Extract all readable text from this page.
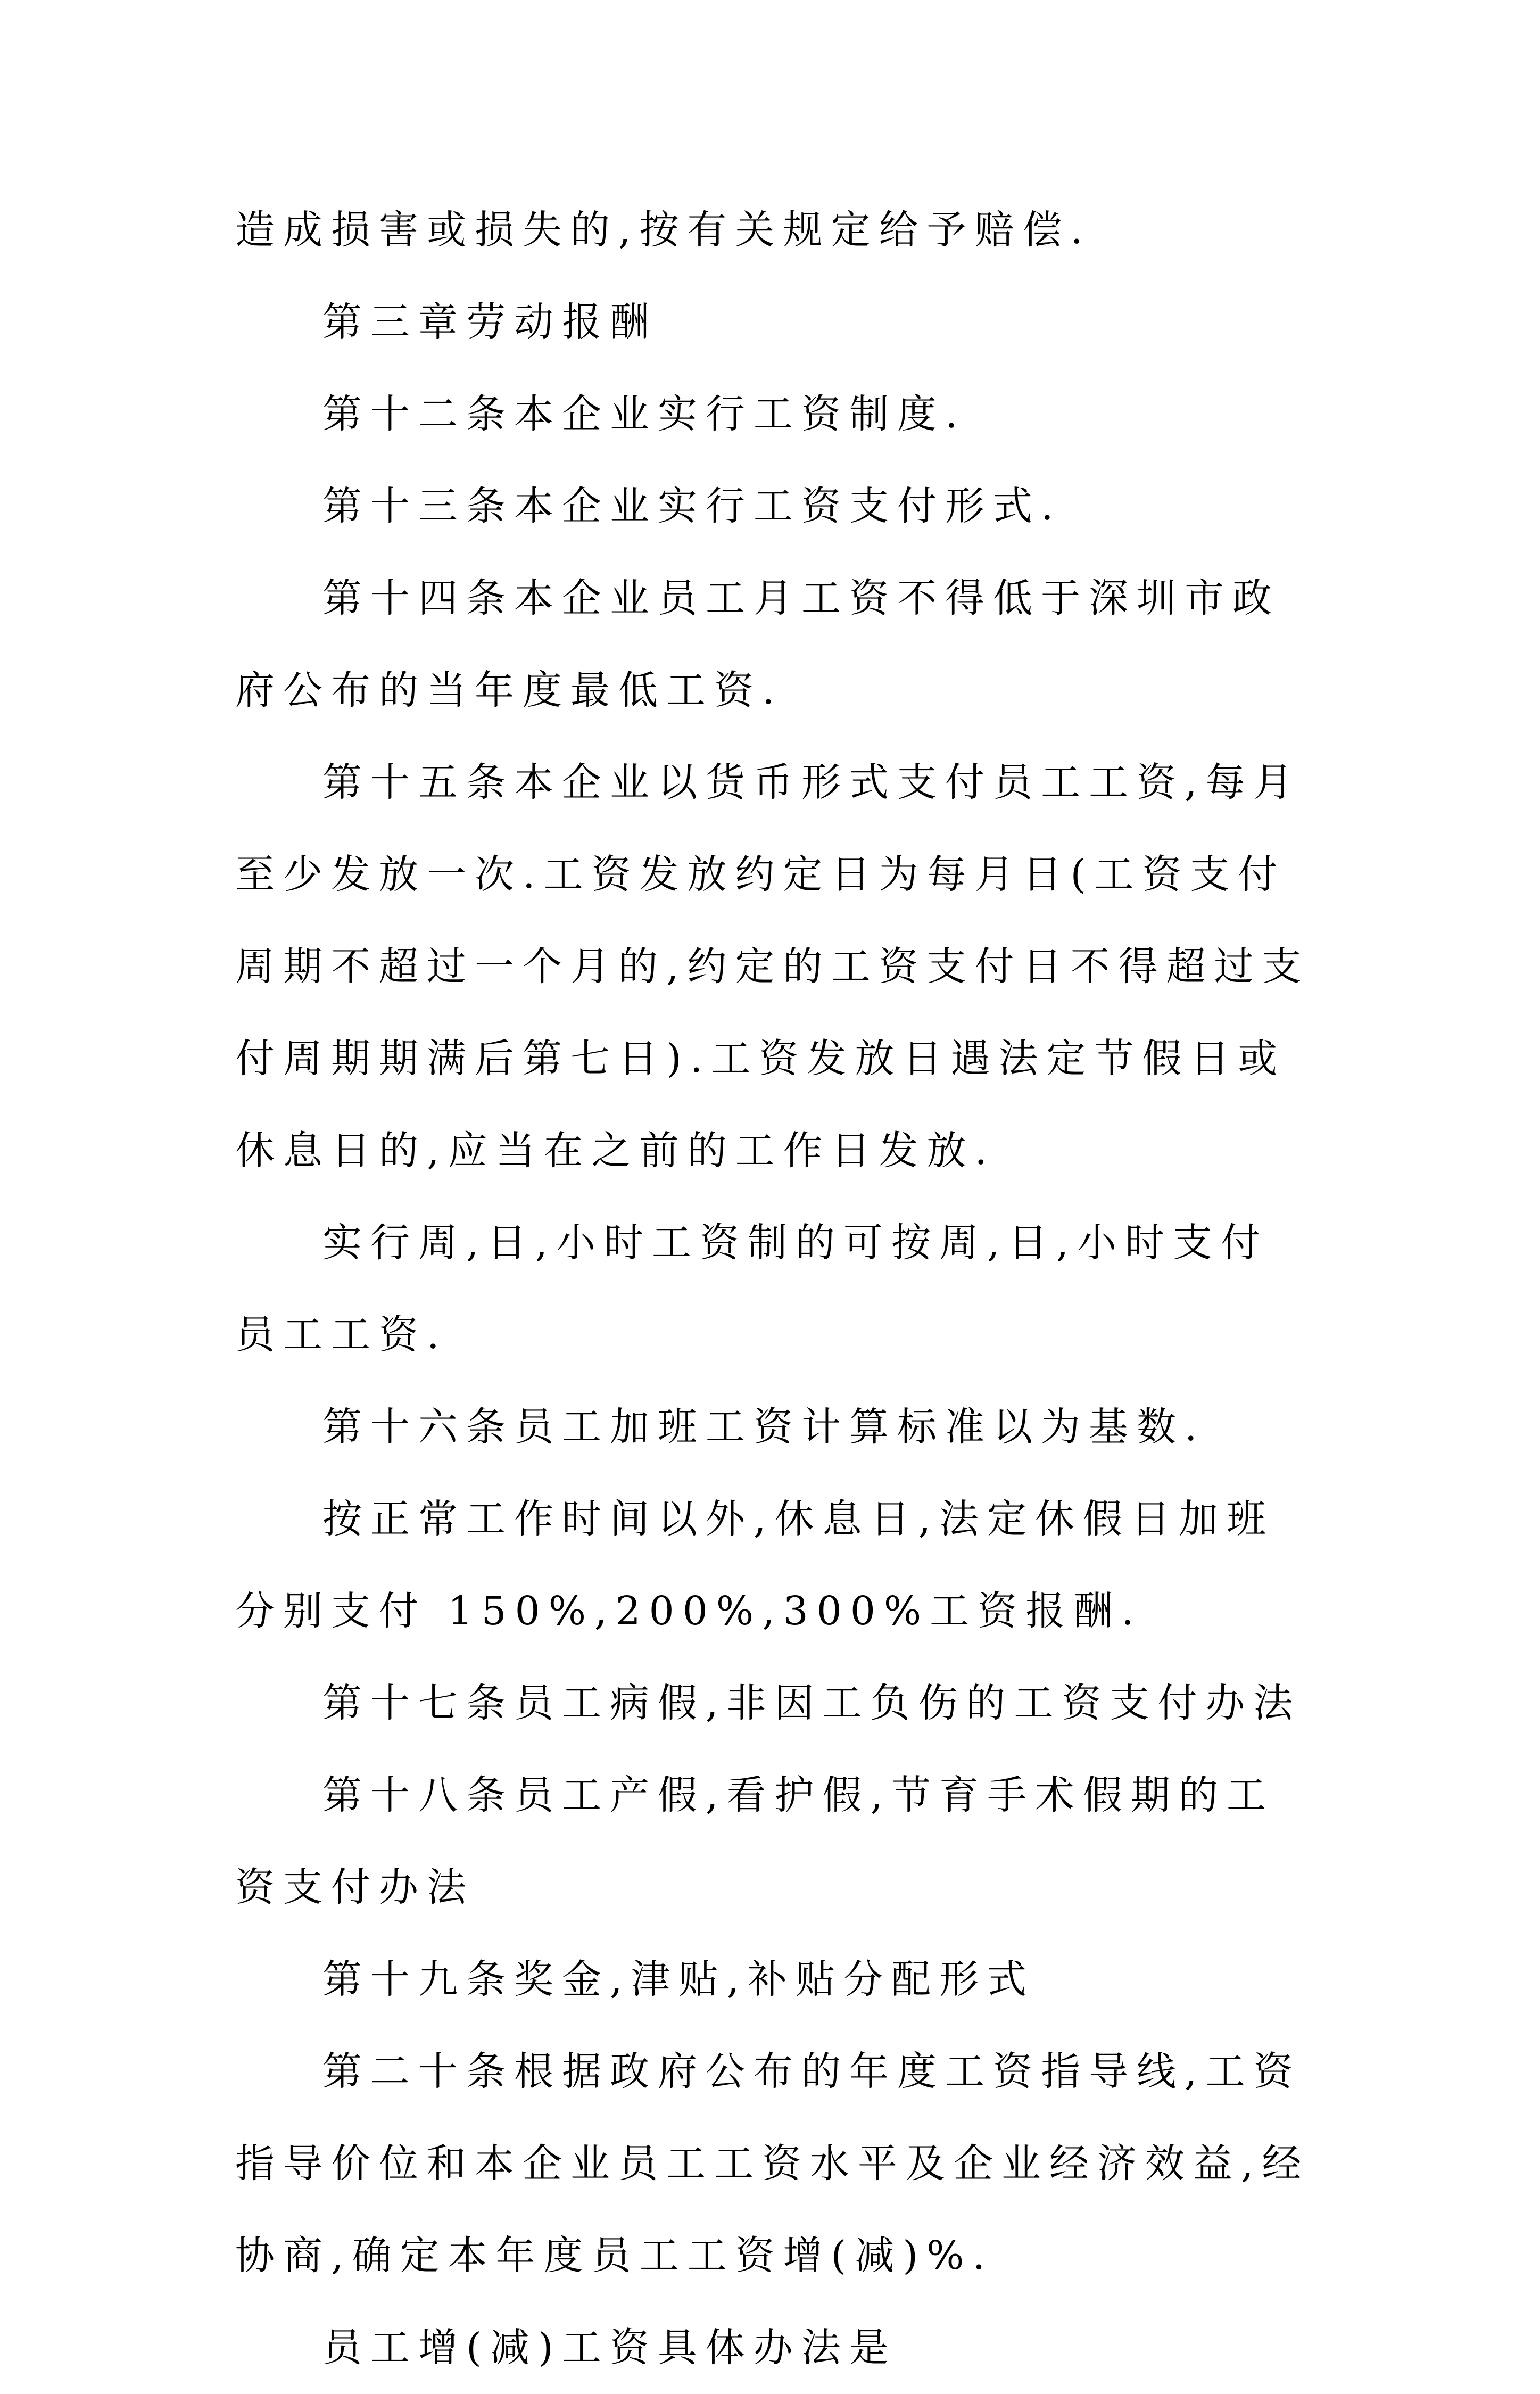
造成损害或损失的,按有关规定给予赔偿.

第三章劳动报酬

第十二条本企业实行工资制度.

第十三条本企业实行工资支付形式.

第十四条本企业员工月工资不得低于深圳市政府公布的当年度最低工资.

第十五条本企业以货币形式支付员工工资,每月至少发放一次.工资发放约定日为每月日(工资支付周期不超过一个月的,约定的工资支付日不得超过支付周期期满后第七日).工资发放日遇法定节假日或休息日的,应当在之前的工作日发放.

实行周,日,小时工资制的可按周,日,小时支付员工工资.

第十六条员工加班工资计算标准以为基数.

按正常工作时间以外,休息日,法定休假日加班分别支付 150%,200%,300%工资报酬.

第十七条员工病假,非因工负伤的工资支付办法

第十八条员工产假,看护假,节育手术假期的工资支付办法

第十九条奖金,津贴,补贴分配形式

第二十条根据政府公布的年度工资指导线,工资指导价位和本企业员工工资水平及企业经济效益,经协商,确定本年度员工工资增(减)%.

员工增(减)工资具体办法是
